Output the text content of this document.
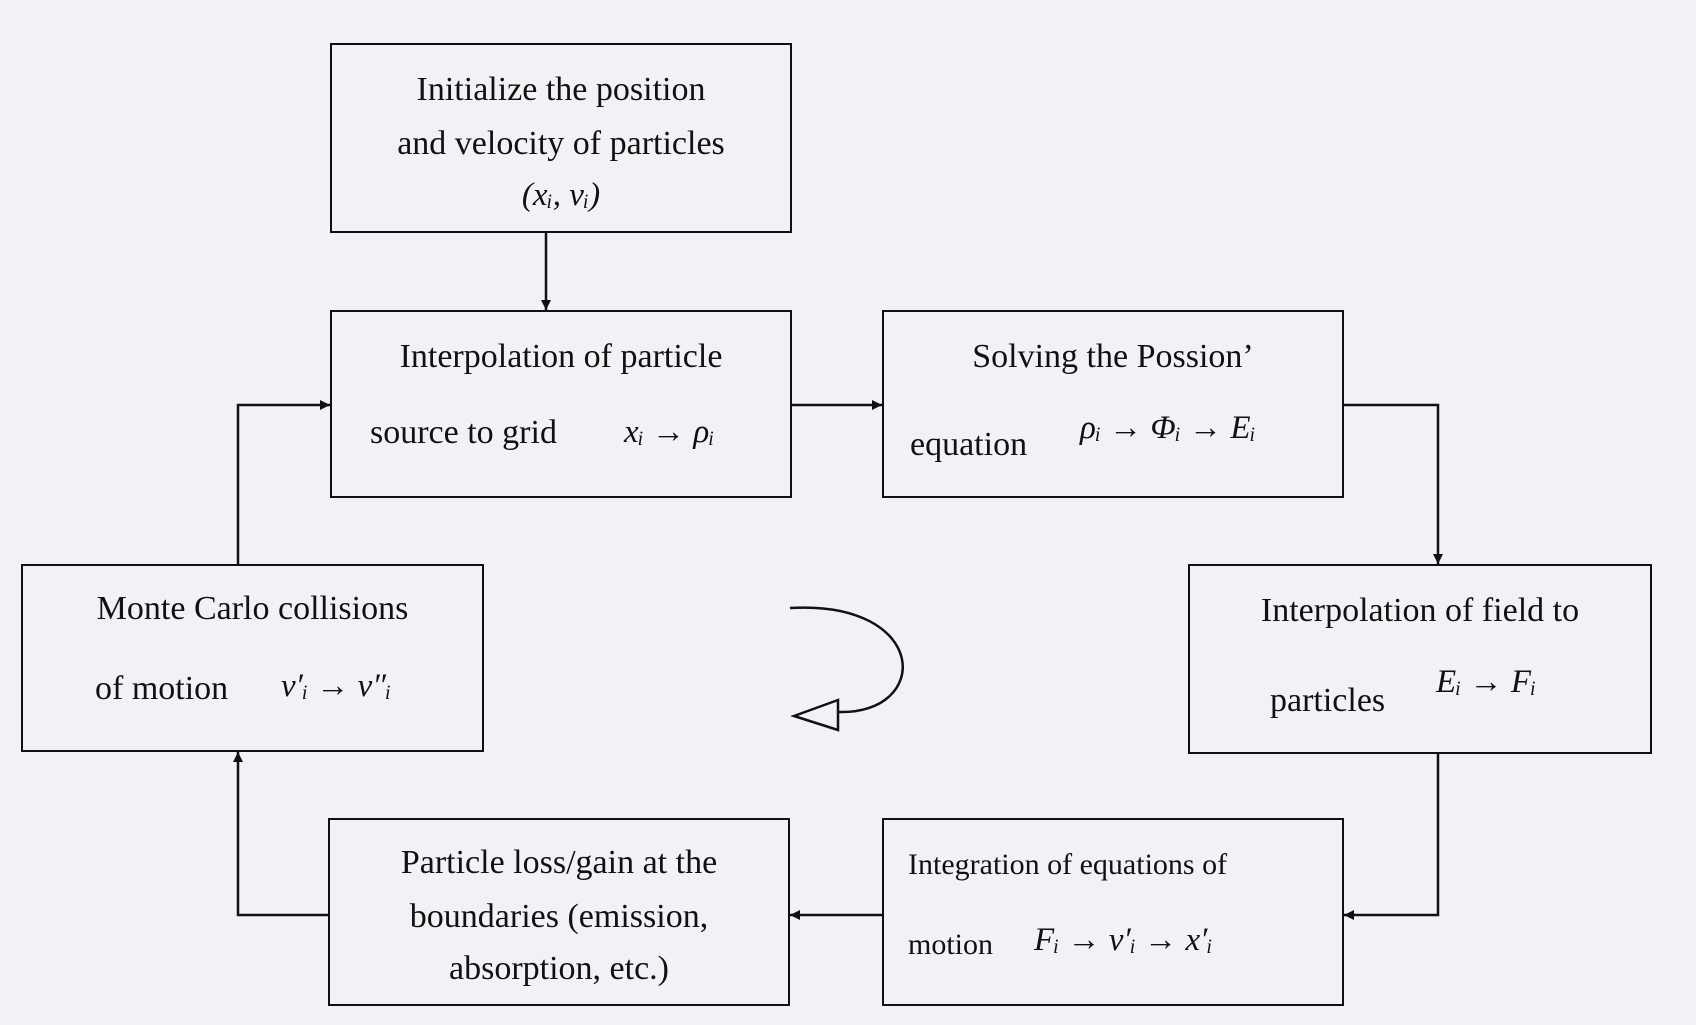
Initialize the position
and velocity of particles
(xᵢ, vᵢ)
Interpolation of particle
source to grid xᵢ → ρᵢ
Solving the Possion’
equation ρᵢ → Φᵢ → Eᵢ
Interpolation of field to
particles Eᵢ → Fᵢ
Integration of equations of
motion Fᵢ → v′ᵢ → x′ᵢ
Particle loss/gain at the
boundaries (emission,
absorption, etc.)
Monte Carlo collisions
of motion v′ᵢ → v″ᵢ
